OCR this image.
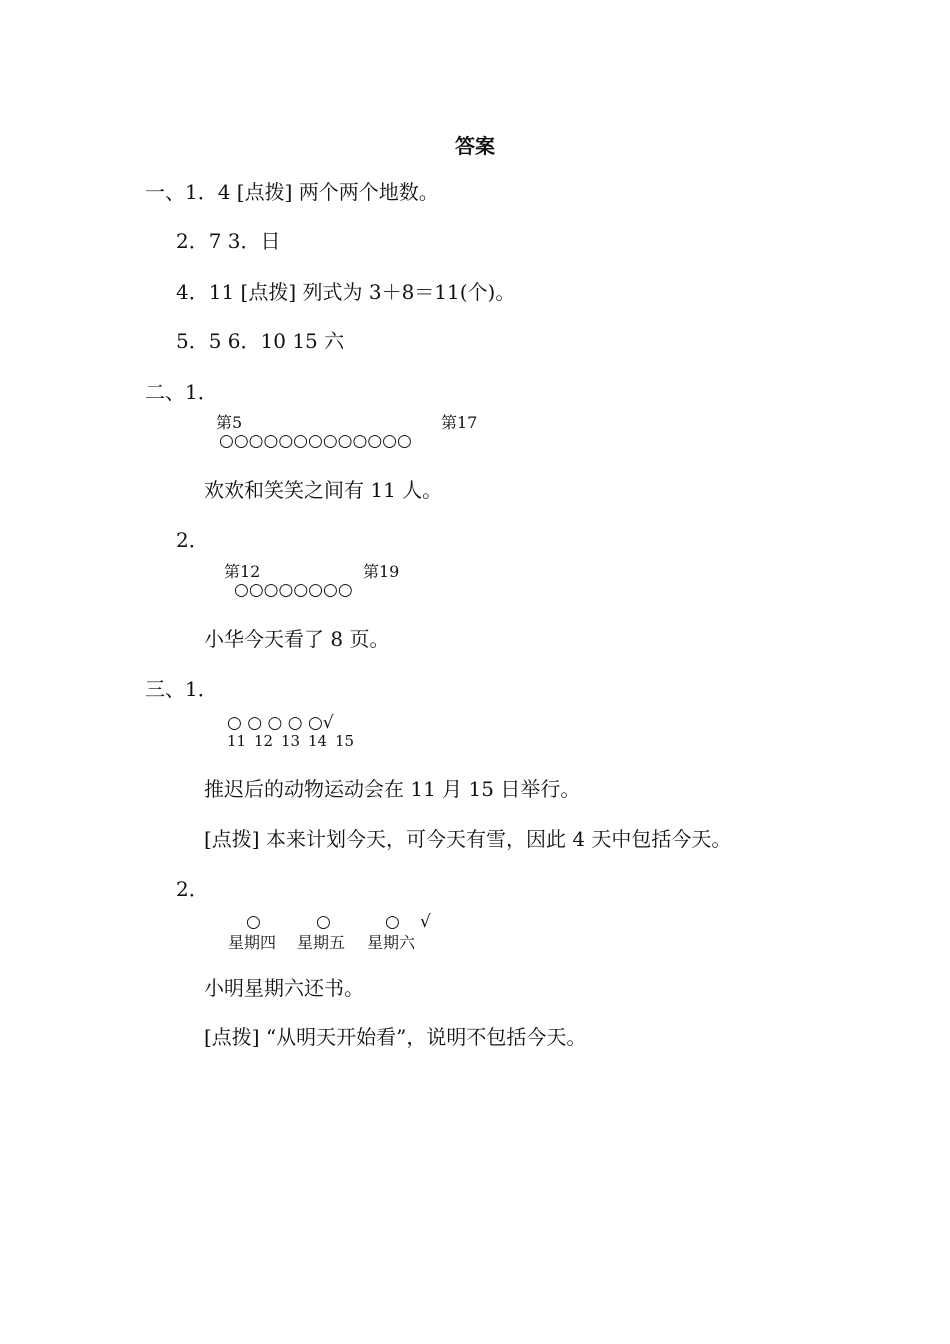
答案
一、1．4 [点拨] 两个两个地数。
2．7 3．日
4．11 [点拨] 列式为 3＋8＝11(个)。
5．5 6．10 15 六
二、1．
第5	第17
○○○○○○○○○○○○○
欢欢和笑笑之间有 11 人。
2．
第12	第19
○○○○○○○○
小华今天看了 8 页。
三、1．
○ ○ ○ ○ ○√
11 12 13 14 15
推迟后的动物运动会在 11 月 15 日举行。
[点拨] 本来计划今天，可今天有雪，因此 4 天中包括今天。
2．
○	○	○ √
星期四 星期五 星期六
小明星期六还书。
[点拨] “从明天开始看”，说明不包括今天。
